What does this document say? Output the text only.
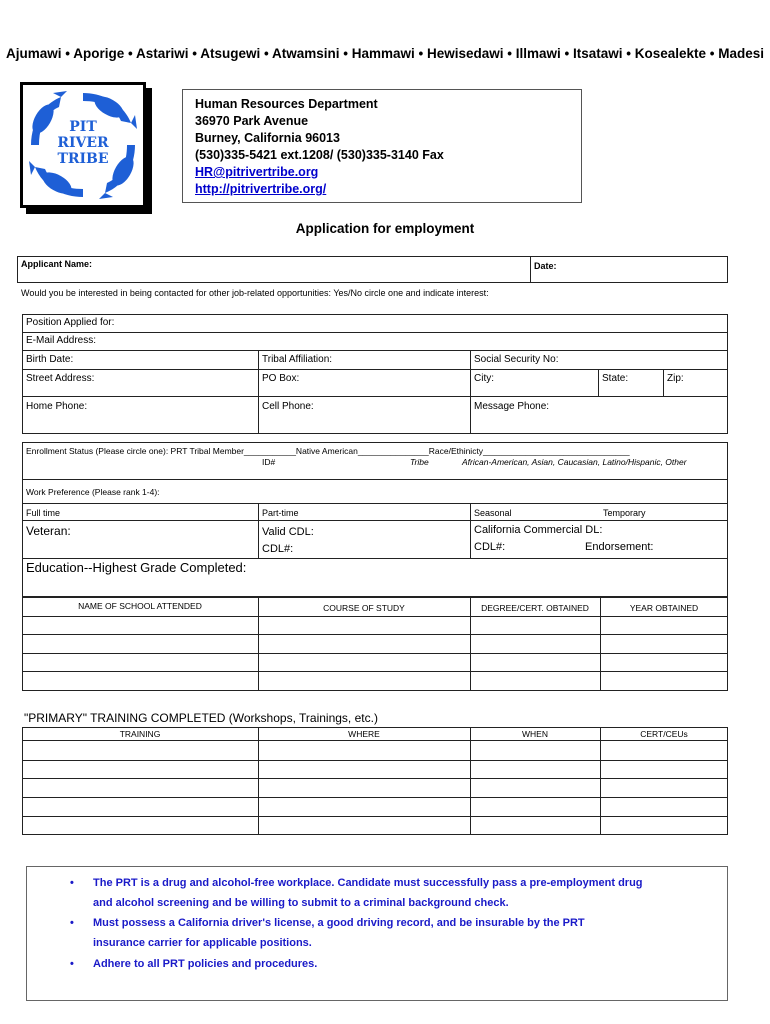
Ajumawi • Aporige • Astariwi • Atsugewi • Atwamsini • Hammawi • Hewisedawi • Illmawi • Itsatawi • Kosealekte • Madesi
PIT
RIVER
TRIBE
Human Resources Department
36970 Park Avenue
Burney, California 96013
(530)335-5421 ext.1208/ (530)335-3140 Fax
HR@pitrivertribe.org
http://pitrivertribe.org/
Application for employment
Applicant Name:	Date:
Would you be interested in being contacted for other job-related opportunities: Yes/No circle one and indicate interest:
Position Applied for:
E-Mail Address:
Birth Date:	Tribal Affiliation:	Social Security No:
Street Address:	PO Box:	City:	State:	Zip:
Home Phone:	Cell Phone:	Message Phone:
Enrollment Status (Please circle one): PRT Tribal Member___________Native American_______________Race/Ethinicty_______________________________
ID#	Tribe	African-American, Asian, Caucasian, Latino/Hispanic, Other
Work Preference (Please rank 1-4):
Full time	Part-time	Seasonal	Temporary
Veteran:	Valid CDL:
CDL#:
California Commercial DL:
CDL#:	Endorsement:
Education--Highest Grade Completed:
NAME OF SCHOOL ATTENDED	COURSE OF STUDY	DEGREE/CERT. OBTAINED	YEAR OBTAINED
"PRIMARY" TRAINING COMPLETED (Workshops, Trainings, etc.)
TRAINING	WHERE	WHEN	CERT/CEUs
• The PRT is a drug and alcohol-free workplace. Candidate must successfully pass a pre-employment drug
and alcohol screening and be willing to submit to a criminal background check.
• Must possess a California driver's license, a good driving record, and be insurable by the PRT
insurance carrier for applicable positions.
• Adhere to all PRT policies and procedures.
